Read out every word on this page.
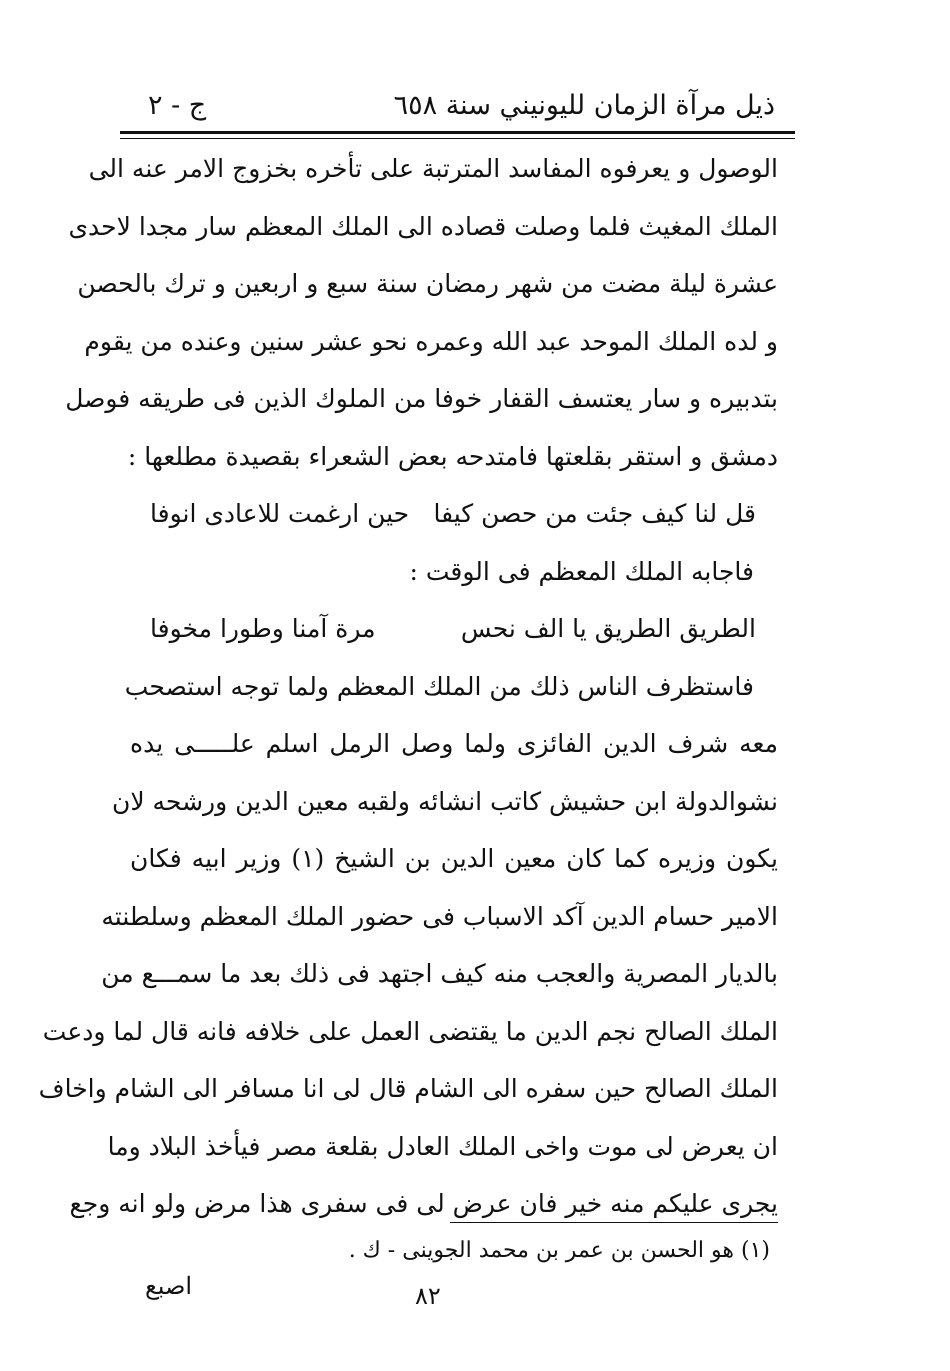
ذيل مرآة الزمان لليونيني سنة ٦٥٨
ج - ٢
الوصول و يعرفوه المفاسد المترتبة على تأخره بخزوج الامر عنه الى
الملك المغيث فلما وصلت قصاده الى الملك المعظم سار مجدا لاحدى
عشرة ليلة مضت من شهر رمضان سنة سبع و اربعين و ترك بالحصن
و لده الملك الموحد عبد الله وعمره نحو عشر سنين وعنده من يقوم
بتدبيره و سار يعتسف القفار خوفا من الملوك الذين فى طريقه فوصل
دمشق و استقر بقلعتها فامتدحه بعض الشعراء بقصيدة مطلعها :
قل لنا كيف جئت من حصن كيفا
حين ارغمت للاعادى انوفا
فاجابه الملك المعظم فى الوقت :
الطريق الطريق يا الف نحس
مرة آمنا وطورا مخوفا
فاستظرف الناس ذلك من الملك المعظم ولما توجه استصحب
معه شرف الدين الفائزى ولما وصل الرمل اسلم علـــــى يده
نشوالدولة ابن حشيش كاتب انشائه ولقبه معين الدين ورشحه لان
يكون وزيره كما كان معين الدين بن الشيخ (١) وزير ابيه فكان
الامير حسام الدين آكد الاسباب فى حضور الملك المعظم وسلطنته
بالديار المصرية والعجب منه كيف اجتهد فى ذلك بعد ما سمـــع من
الملك الصالح نجم الدين ما يقتضى العمل على خلافه فانه قال لما ودعت
الملك الصالح حين سفره الى الشام قال لى انا مسافر الى الشام واخاف
ان يعرض لى موت واخى الملك العادل بقلعة مصر فيأخذ البلاد وما
يجرى عليكم منه خير فان عرض لى فى سفرى هذا مرض ولو انه وجع
(١) هو الحسن بن عمر بن محمد الجوينى - ك .
٨٢
اصبع
